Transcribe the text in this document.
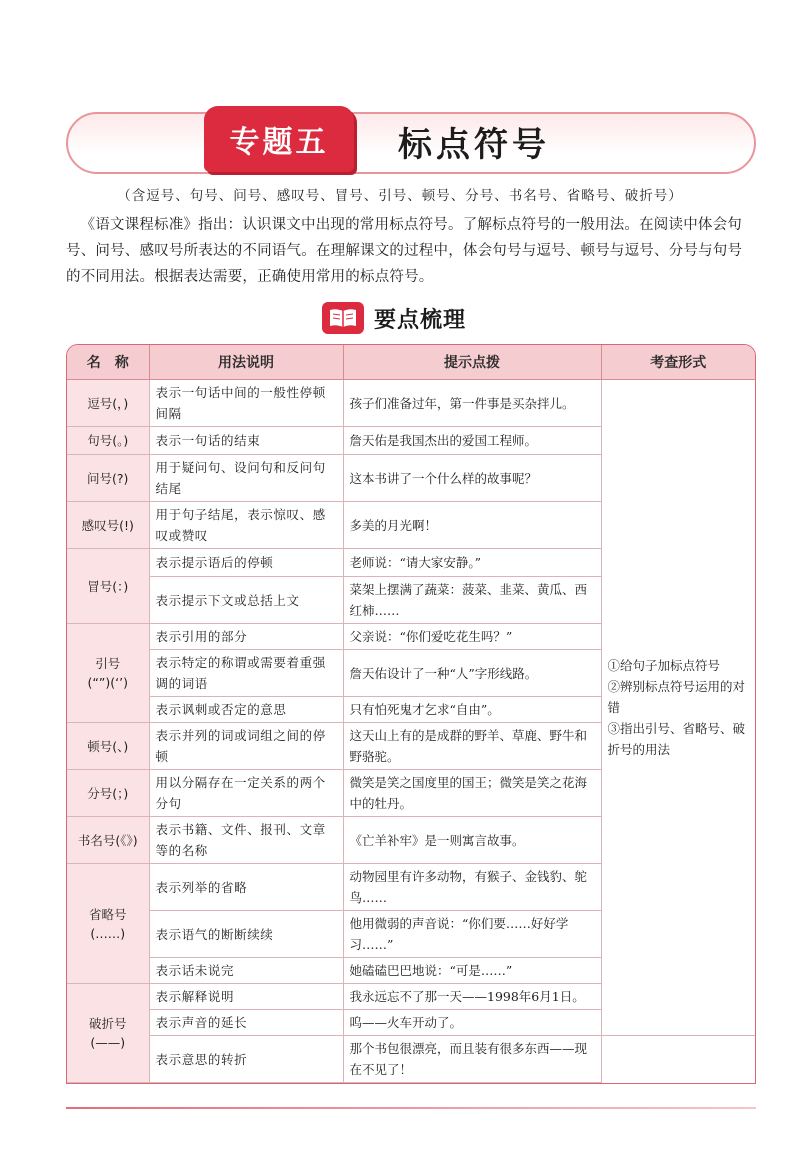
专题五	标点符号
（含逗号、句号、问号、感叹号、冒号、引号、顿号、分号、书名号、省略号、破折号）

《语文课程标准》指出：认识课文中出现的常用标点符号。了解标点符号的一般用法。在阅读中体会句号、问号、感叹号所表达的不同语气。在理解课文的过程中，体会句号与逗号、顿号与逗号、分号与句号的不同用法。根据表达需要，正确使用常用的标点符号。

要点梳理
名　称	用法说明	提示点拨	考查形式
逗号(，)	表示一句话中间的一般性停顿间隔	孩子们准备过年，第一件事是买杂拌儿。	①给句子加标点符号
②辨别标点符号运用的对错
③指出引号、省略号、破折号的用法

句号(。)	表示一句话的结束	詹天佑是我国杰出的爱国工程师。	
问号(?)	用于疑问句、设问句和反问句结尾	这本书讲了一个什么样的故事呢？	
感叹号(!)	用于句子结尾，表示惊叹、感叹或赞叹	多美的月光啊！	
冒号(：)	表示提示语后的停顿	老师说：“请大家安静。”	
	表示提示下文或总括上文	菜架上摆满了蔬菜：菠菜、韭菜、黄瓜、西红柿……	

引号
(“”)(‘’)	表示引用的部分	父亲说：“你们爱吃花生吗？”	
	表示特定的称谓或需要着重强调的词语	詹天佑设计了一种“人”字形线路。	
	表示讽刺或否定的意思	只有怕死鬼才乞求“自由”。	
顿号(、)	表示并列的词或词组之间的停顿	这天山上有的是成群的野羊、草鹿、野牛和野骆驼。	
分号(；)	用以分隔存在一定关系的两个分句	微笑是笑之国度里的国王；微笑是笑之花海中的牡丹。	
书名号(《》)	表示书籍、文件、报刊、文章等的名称	《亡羊补牢》是一则寓言故事。	

省略号
(……)	表示列举的省略	动物园里有许多动物，有猴子、金钱豹、鸵鸟……	
	表示语气的断断续续	他用微弱的声音说：“你们要……好好学习……”	
	表示话未说完	她磕磕巴巴地说：“可是……”	

破折号
(——)	表示解释说明	我永远忘不了那一天——1998年6月1日。	
	表示声音的延长	呜——火车开动了。	
	表示意思的转折	那个书包很漂亮，而且装有很多东西——现在不见了！	
